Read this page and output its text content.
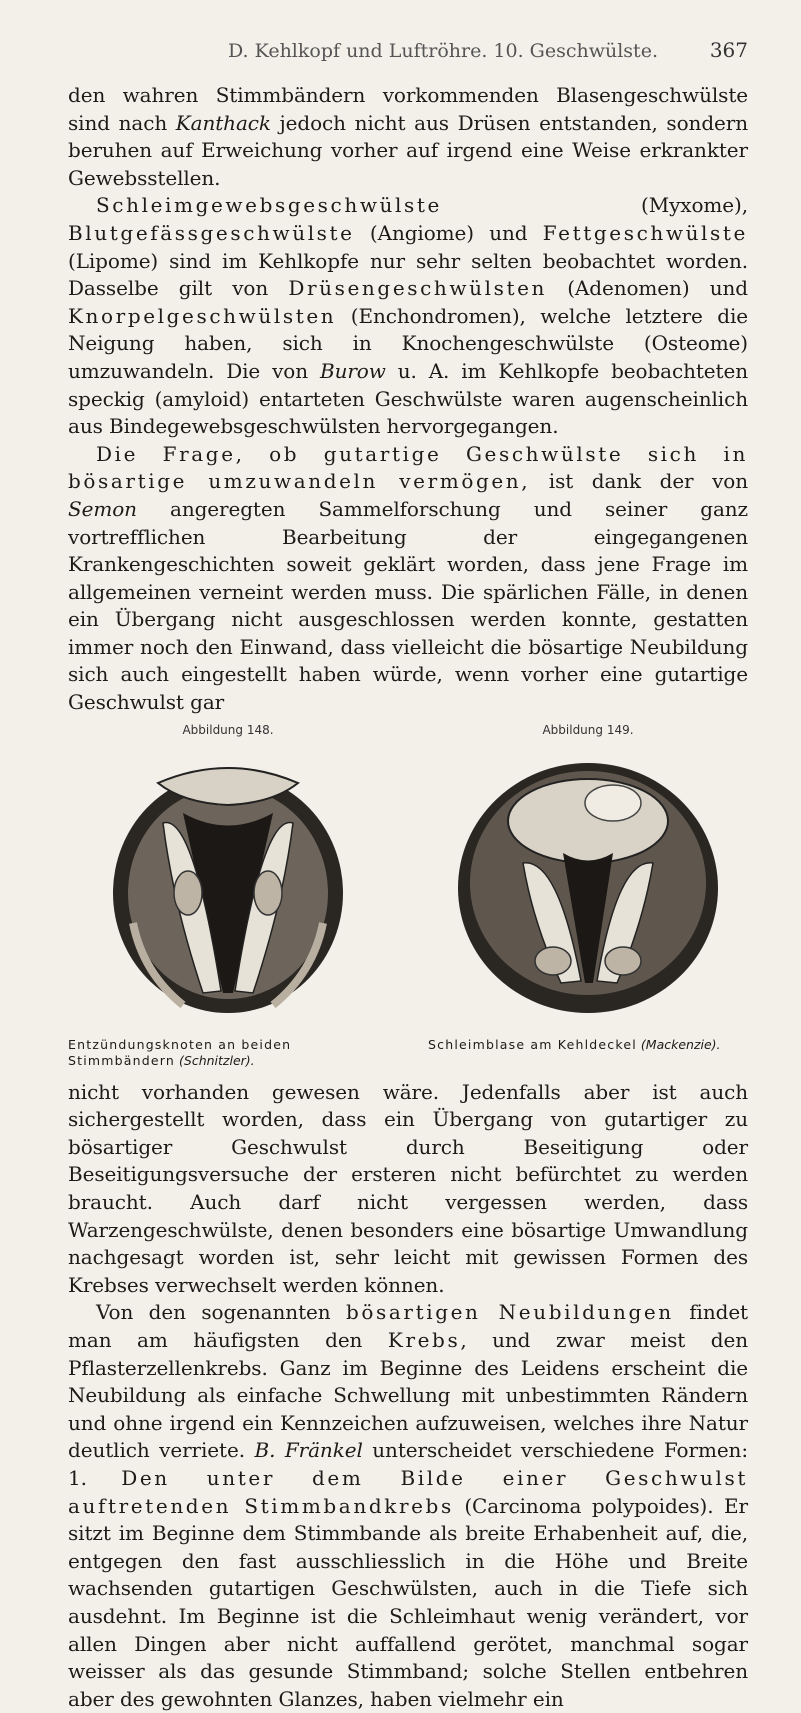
D. Kehlkopf und Luftröhre. 10. Geschwülste.	367

den wahren Stimmbändern vorkommenden Blasengeschwülste sind nach Kanthack jedoch nicht aus Drüsen entstanden, sondern beruhen auf Erweichung vorher auf irgend eine Weise erkrankter Gewebsstellen.

Schleimgewebsgeschwülste (Myxome), Blutgefässgeschwülste (Angiome) und Fettgeschwülste (Lipome) sind im Kehlkopfe nur sehr selten beobachtet worden. Dasselbe gilt von Drüsengeschwülsten (Adenomen) und Knorpelgeschwülsten (Enchondromen), welche letztere die Neigung haben, sich in Knochengeschwülste (Osteome) umzuwandeln. Die von Burow u. A. im Kehlkopfe beobachteten speckig (amyloid) entarteten Geschwülste waren augenscheinlich aus Bindegewebsgeschwülsten hervorgegangen.

Die Frage, ob gutartige Geschwülste sich in bösartige umzuwandeln vermögen, ist dank der von Semon angeregten Sammelforschung und seiner ganz vortrefflichen Bearbeitung der eingegangenen Krankengeschichten soweit geklärt worden, dass jene Frage im allgemeinen verneint werden muss. Die spärlichen Fälle, in denen ein Übergang nicht ausgeschlossen werden konnte, gestatten immer noch den Einwand, dass vielleicht die bösartige Neubildung sich auch eingestellt haben würde, wenn vorher eine gutartige Geschwulst gar

Abbildung 148.	Abbildung 149.
Entzündungsknoten an beiden Stimmbändern (Schnitzler).
Schleimblase am Kehldeckel (Mackenzie).

nicht vorhanden gewesen wäre. Jedenfalls aber ist auch sichergestellt worden, dass ein Übergang von gutartiger zu bösartiger Geschwulst durch Beseitigung oder Beseitigungsversuche der ersteren nicht befürchtet zu werden braucht. Auch darf nicht vergessen werden, dass Warzengeschwülste, denen besonders eine bösartige Umwandlung nachgesagt worden ist, sehr leicht mit gewissen Formen des Krebses verwechselt werden können.

Von den sogenannten bösartigen Neubildungen findet man am häufigsten den Krebs, und zwar meist den Pflasterzellenkrebs. Ganz im Beginne des Leidens erscheint die Neubildung als einfache Schwellung mit unbestimmten Rändern und ohne irgend ein Kennzeichen aufzuweisen, welches ihre Natur deutlich verriete. B. Fränkel unterscheidet verschiedene Formen: 1. Den unter dem Bilde einer Geschwulst auftretenden Stimmbandkrebs (Carcinoma polypoides). Er sitzt im Beginne dem Stimmbande als breite Erhabenheit auf, die, entgegen den fast ausschliesslich in die Höhe und Breite wachsenden gutartigen Geschwülsten, auch in die Tiefe sich ausdehnt. Im Beginne ist die Schleimhaut wenig verändert, vor allen Dingen aber nicht auffallend gerötet, manchmal sogar weisser als das gesunde Stimmband; solche Stellen entbehren aber des gewohnten Glanzes, haben vielmehr ein
